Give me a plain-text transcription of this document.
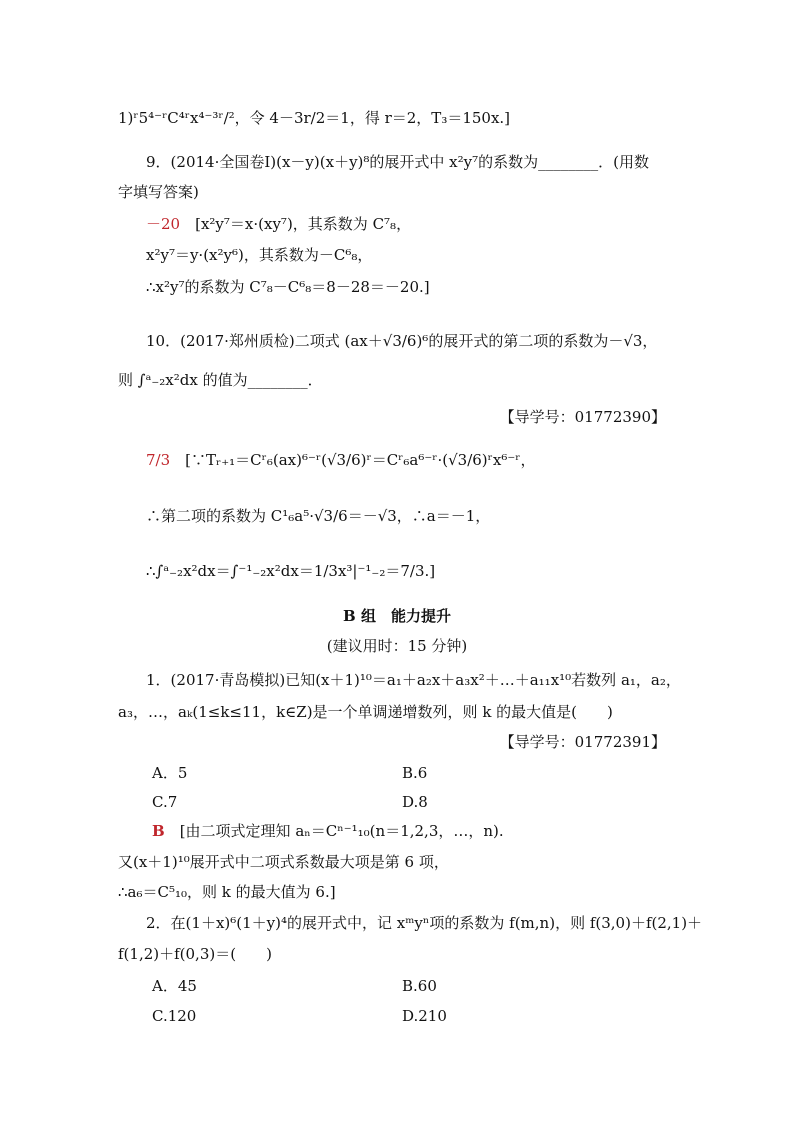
1)ʳ5⁴⁻ʳC⁴ʳx⁴⁻³ʳ/²，令 4－3r/2＝1，得 r＝2，T₃＝150x.]
9．(2014·全国卷Ⅰ)(x－y)(x＋y)⁸的展开式中 x²y⁷的系数为________．(用数
字填写答案)
－20　 [x²y⁷＝x·(xy⁷)，其系数为 C⁷₈，
x²y⁷＝y·(x²y⁶)，其系数为－C⁶₈，
∴x²y⁷的系数为 C⁷₈－C⁶₈＝8－28＝－20.]
10．(2017·郑州质检)二项式 (ax＋√3/6)⁶的展开式的第二项的系数为－√3，
则 ∫ᵃ₋₂x²dx 的值为________．
【导学号：01772390】
7/3　 [∵Tᵣ₊₁＝Cʳ₆(ax)⁶⁻ʳ(√3/6)ʳ＝Cʳ₆a⁶⁻ʳ·(√3/6)ʳx⁶⁻ʳ，
∴第二项的系数为 C¹₆a⁵·√3/6＝－√3，∴a＝－1，
∴∫ᵃ₋₂x²dx＝∫⁻¹₋₂x²dx＝1/3x³|⁻¹₋₂＝7/3.]
B 组　能力提升
(建议用时：15 分钟)
1．(2017·青岛模拟)已知(x＋1)¹⁰＝a₁＋a₂x＋a₃x²＋…＋a₁₁x¹⁰若数列 a₁，a₂，
a₃，…，aₖ(1≤k≤11，k∈Z)是一个单调递增数列，则 k 的最大值是(　　)
【导学号：01772391】
A．5	B.6
C.7	D.8
B　 [由二项式定理知 aₙ＝Cⁿ⁻¹₁₀(n＝1,2,3，…，n).
又(x＋1)¹⁰展开式中二项式系数最大项是第 6 项，
∴a₆＝C⁵₁₀，则 k 的最大值为 6.]
2．在(1＋x)⁶(1＋y)⁴的展开式中，记 xᵐyⁿ项的系数为 f(m,n)，则 f(3,0)＋f(2,1)＋
f(1,2)＋f(0,3)＝(　　)
A．45	B.60
C.120	D.210
